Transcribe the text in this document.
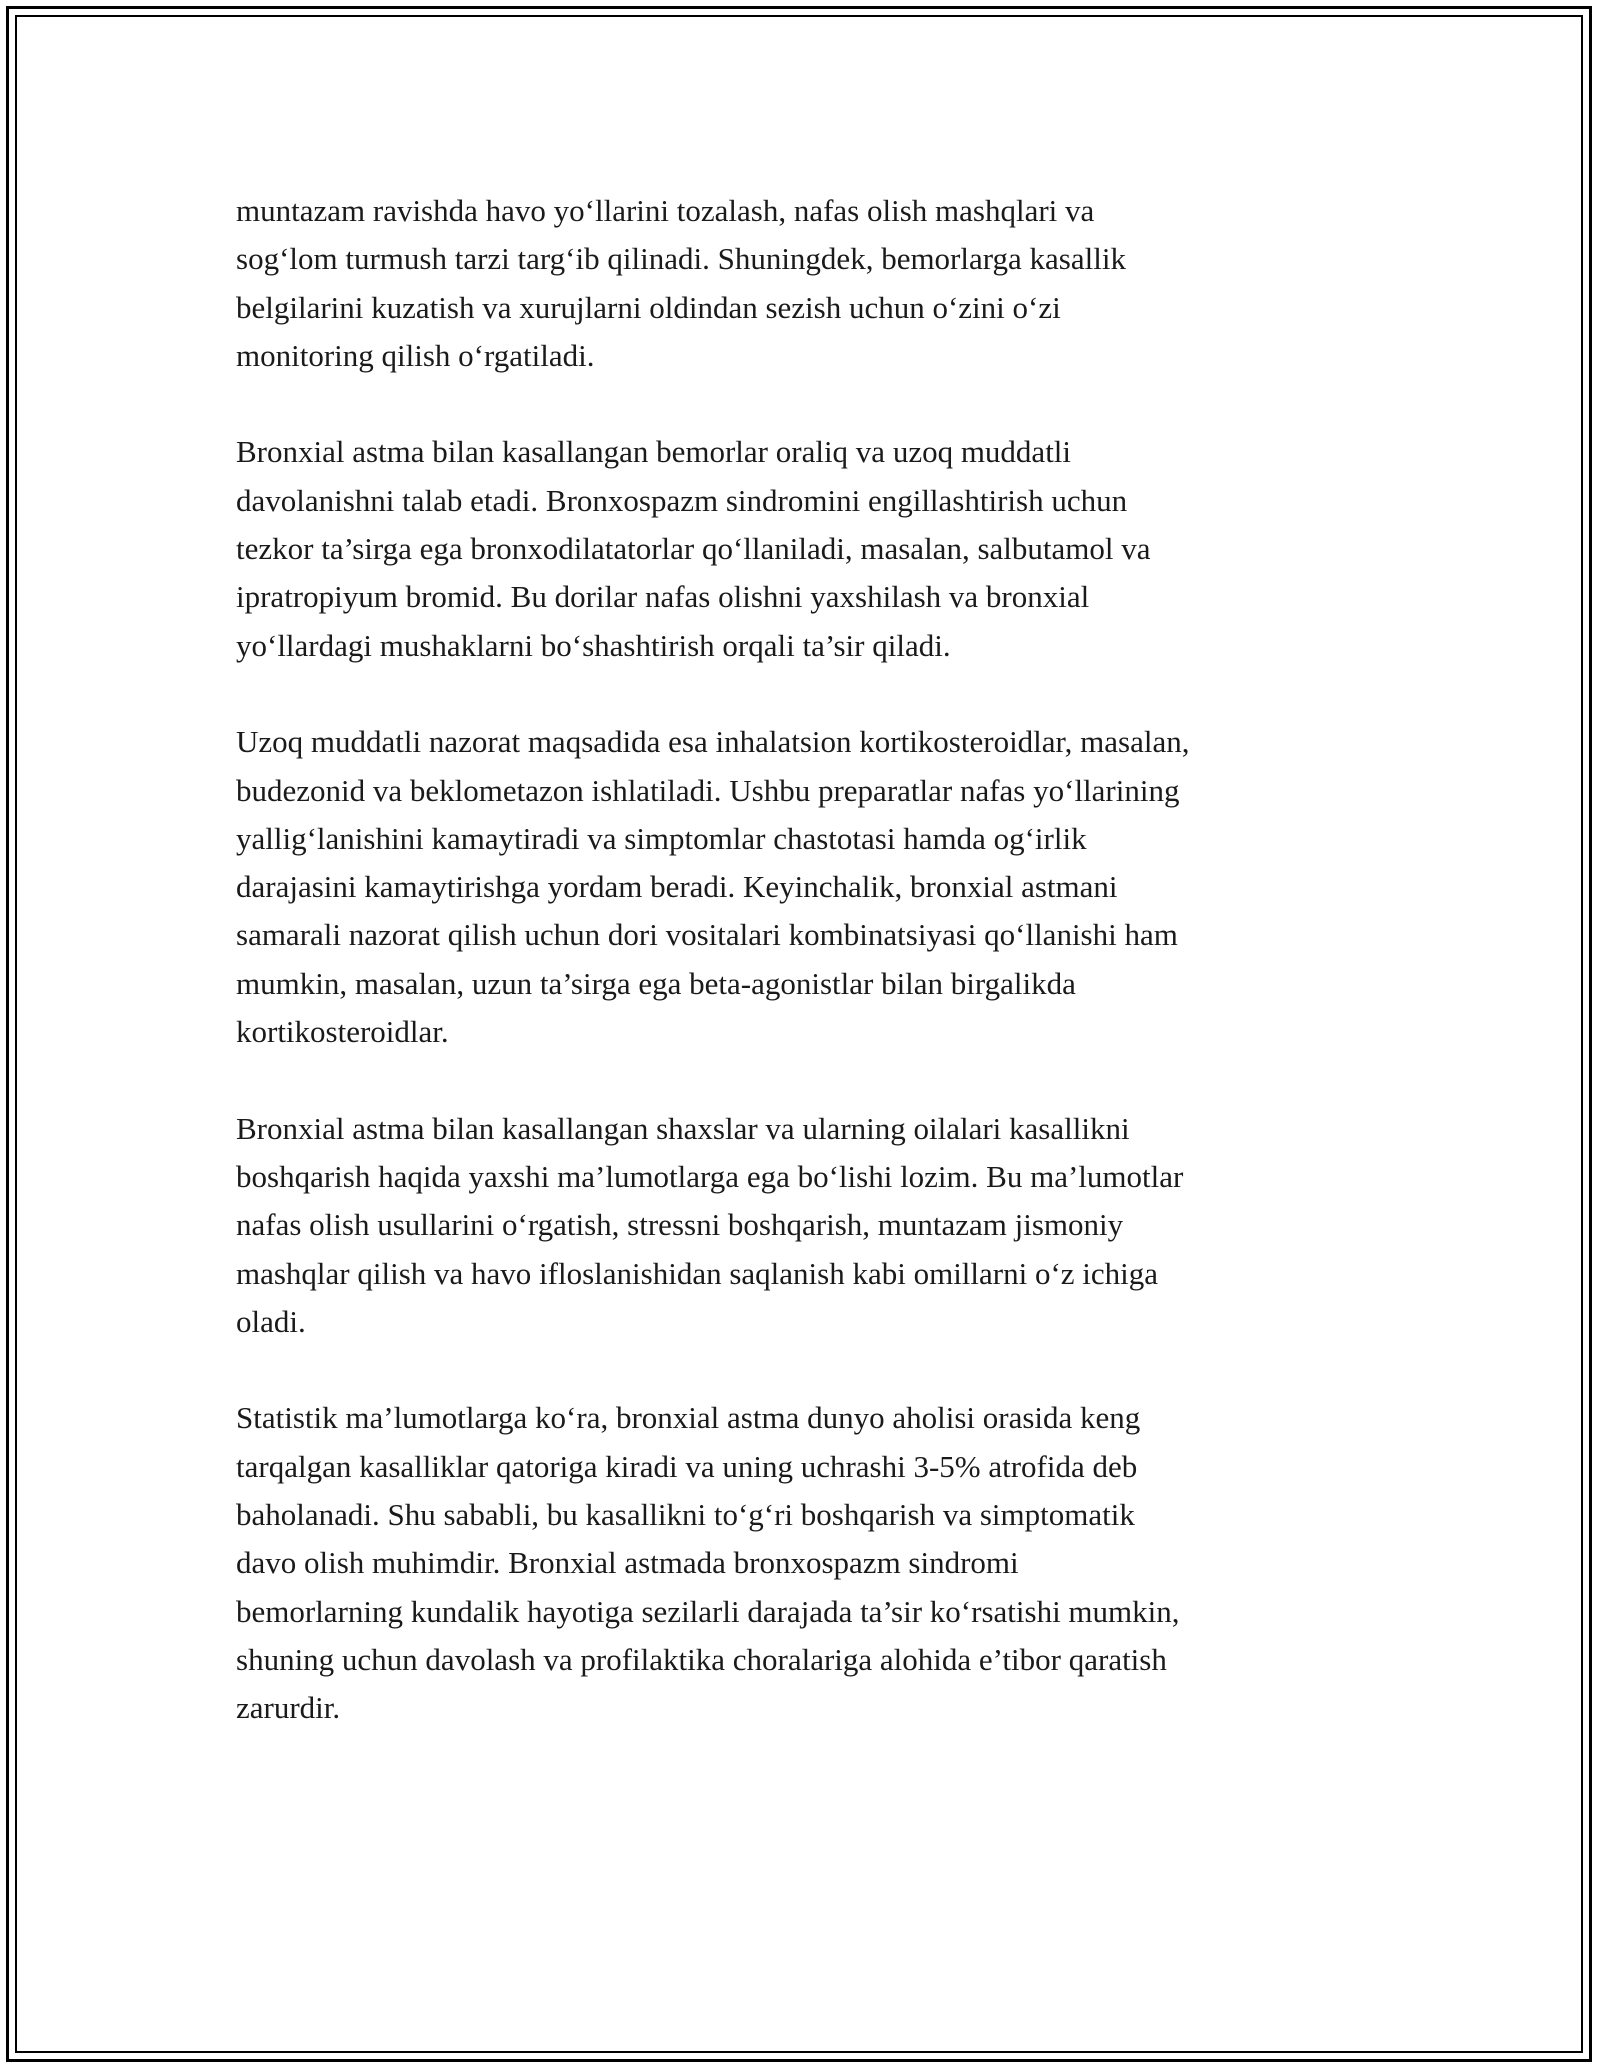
muntazam ravishda havo yo‘llarini tozalash, nafas olish mashqlari va
sog‘lom turmush tarzi targ‘ib qilinadi. Shuningdek, bemorlarga kasallik
belgilarini kuzatish va xurujlarni oldindan sezish uchun o‘zini o‘zi
monitoring qilish o‘rgatiladi.

Bronxial astma bilan kasallangan bemorlar oraliq va uzoq muddatli
davolanishni talab etadi. Bronxospazm sindromini engillashtirish uchun
tezkor ta’sirga ega bronxodilatatorlar qo‘llaniladi, masalan, salbutamol va
ipratropiyum bromid. Bu dorilar nafas olishni yaxshilash va bronxial
yo‘llardagi mushaklarni bo‘shashtirish orqali ta’sir qiladi.

Uzoq muddatli nazorat maqsadida esa inhalatsion kortikosteroidlar, masalan,
budezonid va beklometazon ishlatiladi. Ushbu preparatlar nafas yo‘llarining
yallig‘lanishini kamaytiradi va simptomlar chastotasi hamda og‘irlik
darajasini kamaytirishga yordam beradi. Keyinchalik, bronxial astmani
samarali nazorat qilish uchun dori vositalari kombinatsiyasi qo‘llanishi ham
mumkin, masalan, uzun ta’sirga ega beta-agonistlar bilan birgalikda
kortikosteroidlar.

Bronxial astma bilan kasallangan shaxslar va ularning oilalari kasallikni
boshqarish haqida yaxshi ma’lumotlarga ega bo‘lishi lozim. Bu ma’lumotlar
nafas olish usullarini o‘rgatish, stressni boshqarish, muntazam jismoniy
mashqlar qilish va havo ifloslanishidan saqlanish kabi omillarni o‘z ichiga
oladi.

Statistik ma’lumotlarga ko‘ra, bronxial astma dunyo aholisi orasida keng
tarqalgan kasalliklar qatoriga kiradi va uning uchrashi 3-5% atrofida deb
baholanadi. Shu sababli, bu kasallikni to‘g‘ri boshqarish va simptomatik
davo olish muhimdir. Bronxial astmada bronxospazm sindromi
bemorlarning kundalik hayotiga sezilarli darajada ta’sir ko‘rsatishi mumkin,
shuning uchun davolash va profilaktika choralariga alohida e’tibor qaratish
zarurdir.
